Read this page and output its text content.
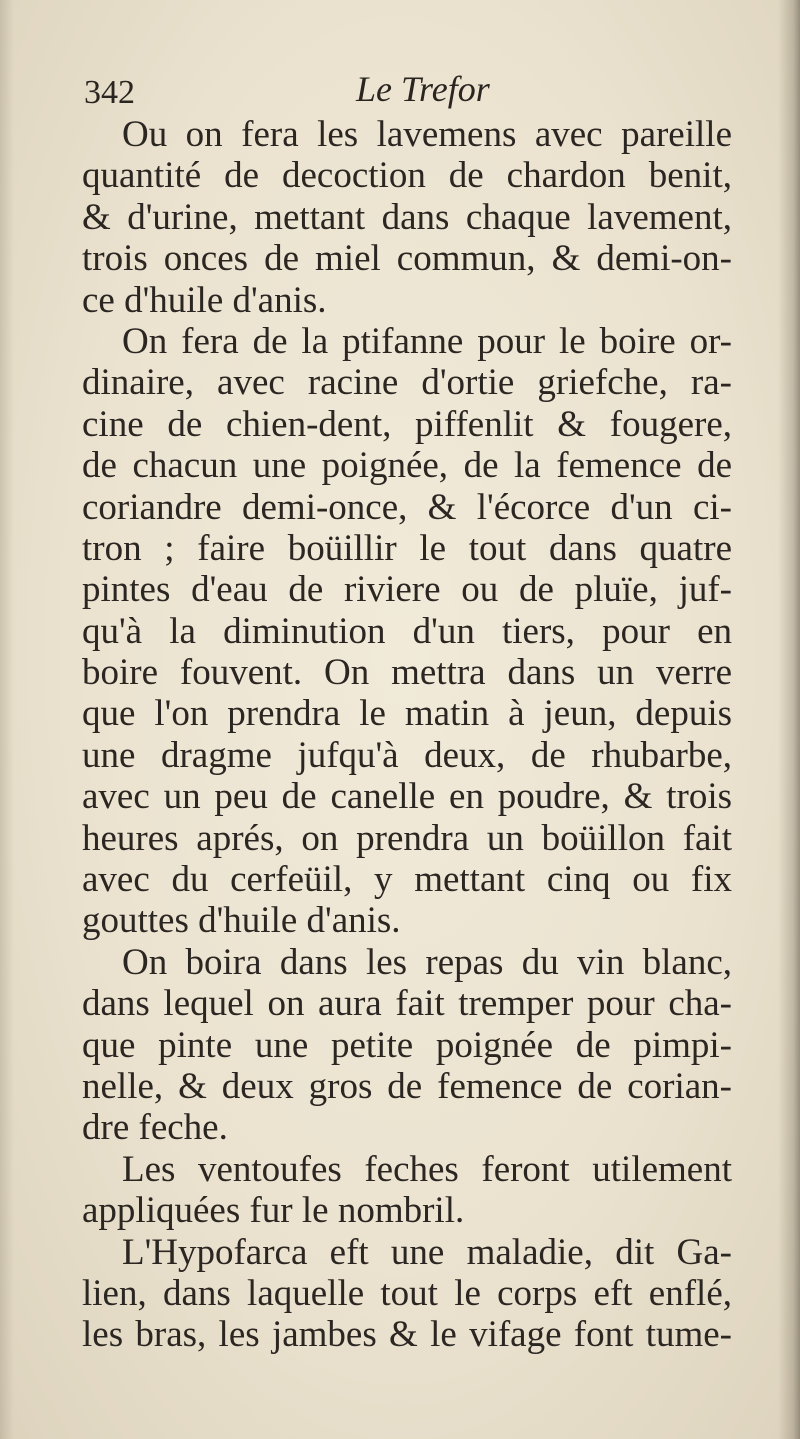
342	Le Trefor
Ou on fera les lavemens avec pareille
quantité de decoction de chardon benit,
& d'urine, mettant dans chaque lavement,
trois onces de miel commun, & demi-on-
ce d'huile d'anis.
On fera de la ptifanne pour le boire or-
dinaire, avec racine d'ortie griefche, ra-
cine de chien-dent, piffenlit & fougere,
de chacun une poignée, de la femence de
coriandre demi-once, & l'écorce d'un ci-
tron ; faire boüillir le tout dans quatre
pintes d'eau de riviere ou de pluïe, juf-
qu'à la diminution d'un tiers, pour en
boire fouvent. On mettra dans un verre
que l'on prendra le matin à jeun, depuis
une dragme jufqu'à deux, de rhubarbe,
avec un peu de canelle en poudre, & trois
heures aprés, on prendra un boüillon fait
avec du cerfeüil, y mettant cinq ou fix
gouttes d'huile d'anis.
On boira dans les repas du vin blanc,
dans lequel on aura fait tremper pour cha-
que pinte une petite poignée de pimpi-
nelle, & deux gros de femence de corian-
dre feche.
Les ventoufes feches feront utilement
appliquées fur le nombril.
L'Hypofarca eft une maladie, dit Ga-
lien, dans laquelle tout le corps eft enflé,
les bras, les jambes & le vifage font tume-
